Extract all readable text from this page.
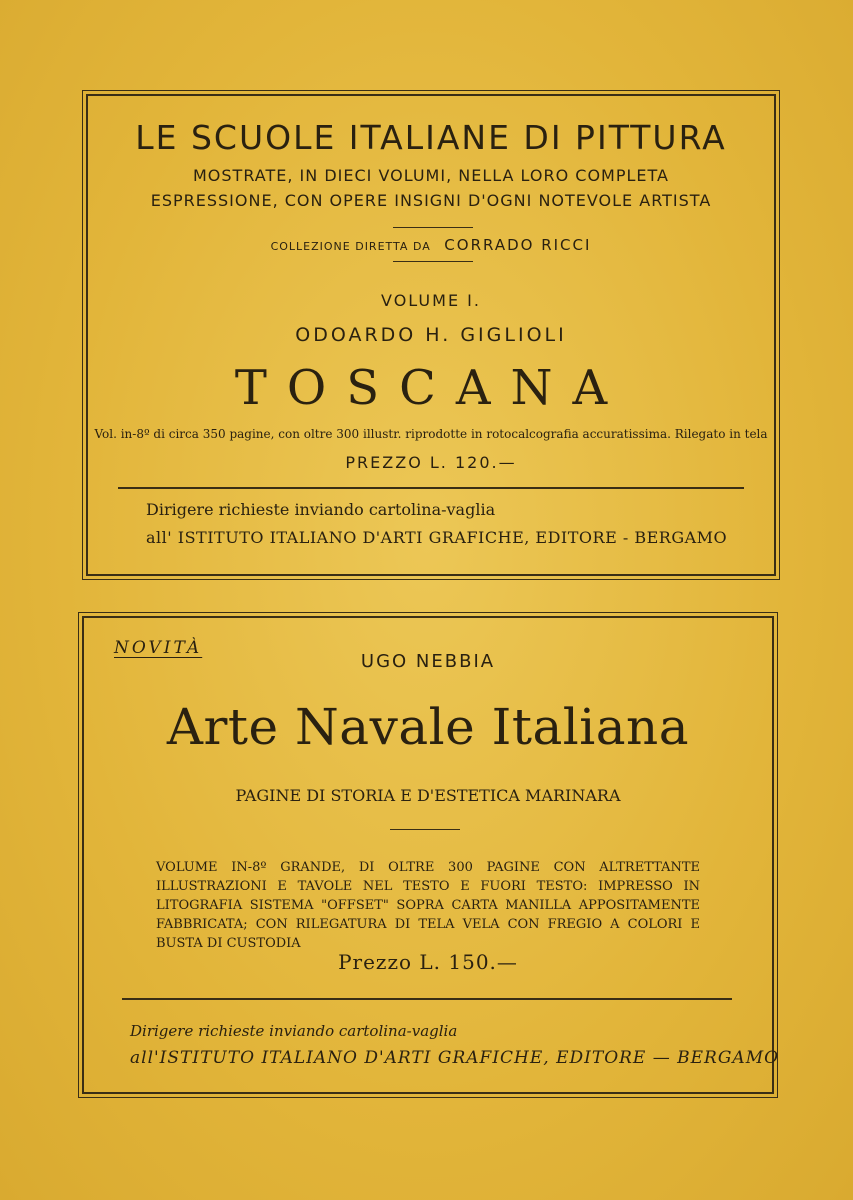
LE SCUOLE ITALIANE DI PITTURA
MOSTRATE, IN DIECI VOLUMI, NELLA LORO COMPLETA
ESPRESSIONE, CON OPERE INSIGNI D'OGNI NOTEVOLE ARTISTA
COLLEZIONE DIRETTA DA CORRADO RICCI
VOLUME I.
ODOARDO H. GIGLIOLI
TOSCANA
Vol. in-8º di circa 350 pagine, con oltre 300 illustr. riprodotte in rotocalcografia accuratissima. Rilegato in tela
PREZZO L. 120.—
Dirigere richieste inviando cartolina-vaglia
all' ISTITUTO ITALIANO D'ARTI GRAFICHE, EDITORE - BERGAMO
NOVITÀ
UGO NEBBIA
Arte Navale Italiana
PAGINE DI STORIA E D'ESTETICA MARINARA
VOLUME IN-8º GRANDE, DI OLTRE 300 PAGINE CON ALTRETTANTE ILLUSTRAZIONI E TAVOLE NEL TESTO E FUORI TESTO: IMPRESSO IN LITOGRAFIA SISTEMA "OFFSET" SOPRA CARTA MANILLA APPOSITAMENTE FABBRICATA; CON RILEGATURA DI TELA VELA CON FREGIO A COLORI E BUSTA DI CUSTODIA
Prezzo L. 150.—
Dirigere richieste inviando cartolina-vaglia
all'ISTITUTO ITALIANO D'ARTI GRAFICHE, EDITORE — BERGAMO
